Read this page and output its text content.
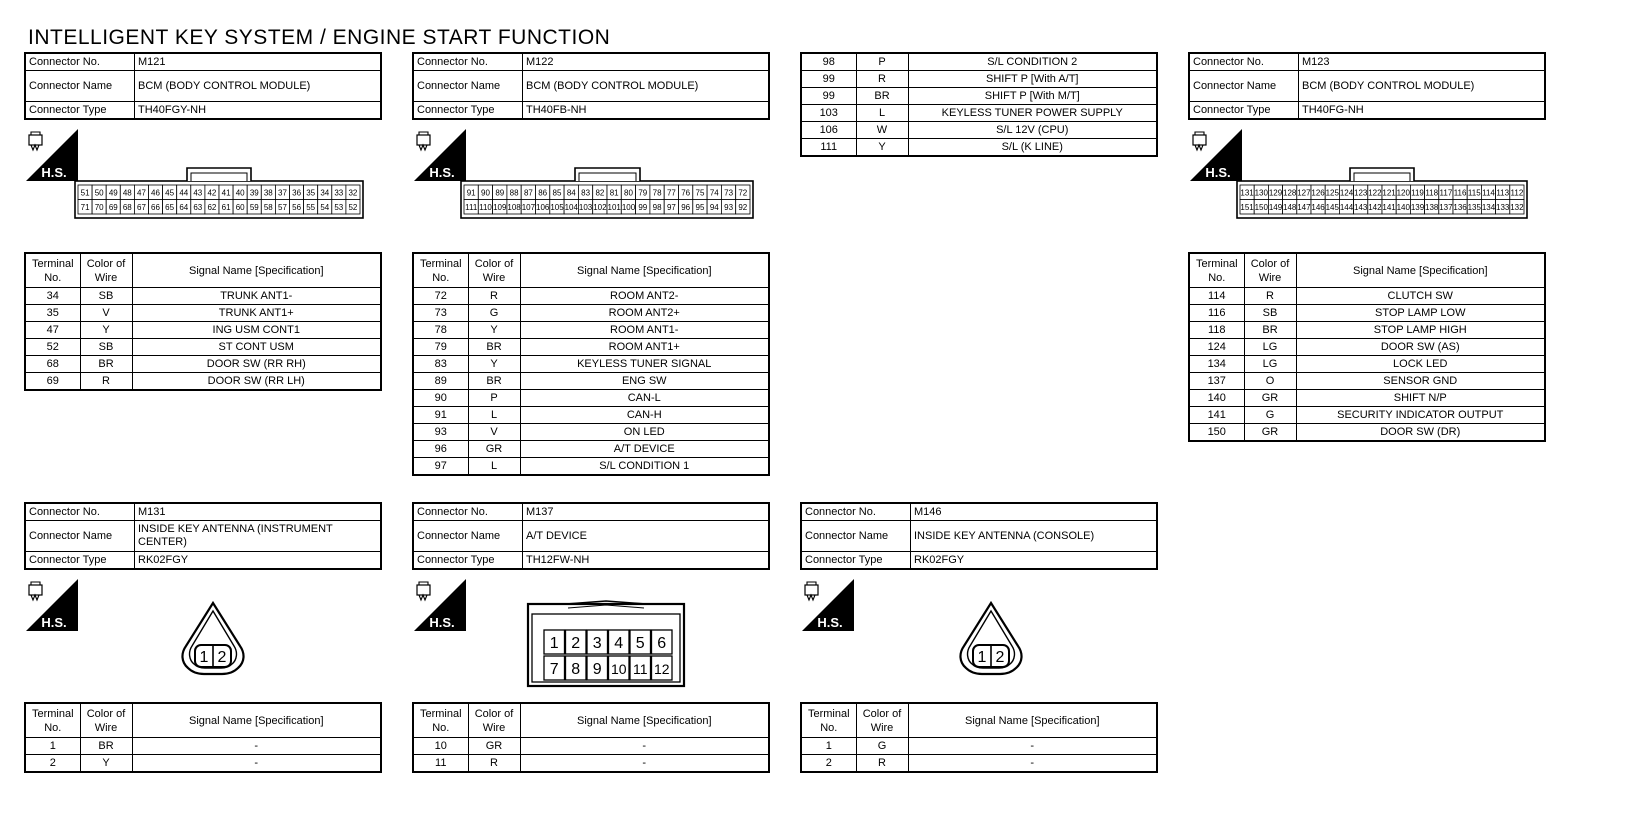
INTELLIGENT KEY SYSTEM / ENGINE START FUNCTION
Connector No.	M121
Connector Name	BCM (BODY CONTROL MODULE)
Connector Type	TH40FGY-NH
H.S.
51 50 49 48 47 46 45 44 43 42 41 40 39 38 37 36 35 34 33 32
71 70 69 68 67 66 65 64 63 62 61 60 59 58 57 56 55 54 53 52
Terminal No.	Color of Wire	Signal Name [Specification]
34	SB	TRUNK ANT1-
35	V	TRUNK ANT1+
47	Y	ING USM CONT1
52	SB	ST CONT USM
68	BR	DOOR SW (RR RH)
69	R	DOOR SW (RR LH)
Connector No.	M122
Connector Name	BCM (BODY CONTROL MODULE)
Connector Type	TH40FB-NH
H.S.
91 90 89 88 87 86 85 84 83 82 81 80 79 78 77 76 75 74 73 72
111 110 109 108 107 106 105 104 103 102 101 100 99 98 97 96 95 94 93 92
Terminal No.	Color of Wire	Signal Name [Specification]
72	R	ROOM ANT2-
73	G	ROOM ANT2+
78	Y	ROOM ANT1-
79	BR	ROOM ANT1+
83	Y	KEYLESS TUNER SIGNAL
89	BR	ENG SW
90	P	CAN-L
91	L	CAN-H
93	V	ON LED
96	GR	A/T DEVICE
97	L	S/L CONDITION 1
98	P	S/L CONDITION 2
99	R	SHIFT P [With A/T]
99	BR	SHIFT P [With M/T]
103	L	KEYLESS TUNER POWER SUPPLY
106	W	S/L 12V (CPU)
111	Y	S/L (K LINE)
Connector No.	M123
Connector Name	BCM (BODY CONTROL MODULE)
Connector Type	TH40FG-NH
H.S.
131 130 129 128 127 126 125 124 123 122 121 120 119 118 117 116 115 114 113 112
151 150 149 148 147 146 145 144 143 142 141 140 139 138 137 136 135 134 133 132
Terminal No.	Color of Wire	Signal Name [Specification]
114	R	CLUTCH SW
116	SB	STOP LAMP LOW
118	BR	STOP LAMP HIGH
124	LG	DOOR SW (AS)
134	LG	LOCK LED
137	O	SENSOR GND
140	GR	SHIFT N/P
141	G	SECURITY INDICATOR OUTPUT
150	GR	DOOR SW (DR)
Connector No.	M131
Connector Name	INSIDE KEY ANTENNA (INSTRUMENT CENTER)
Connector Type	RK02FGY
H.S.
1 2
Terminal No.	Color of Wire	Signal Name [Specification]
1	BR	-
2	Y	-
Connector No.	M137
Connector Name	A/T DEVICE
Connector Type	TH12FW-NH
H.S.
1 2 3 4 5 6
7 8 9 10 11 12
Terminal No.	Color of Wire	Signal Name [Specification]
10	GR	-
11	R	-
Connector No.	M146
Connector Name	INSIDE KEY ANTENNA (CONSOLE)
Connector Type	RK02FGY
H.S.
1 2
Terminal No.	Color of Wire	Signal Name [Specification]
1	G	-
2	R	-
